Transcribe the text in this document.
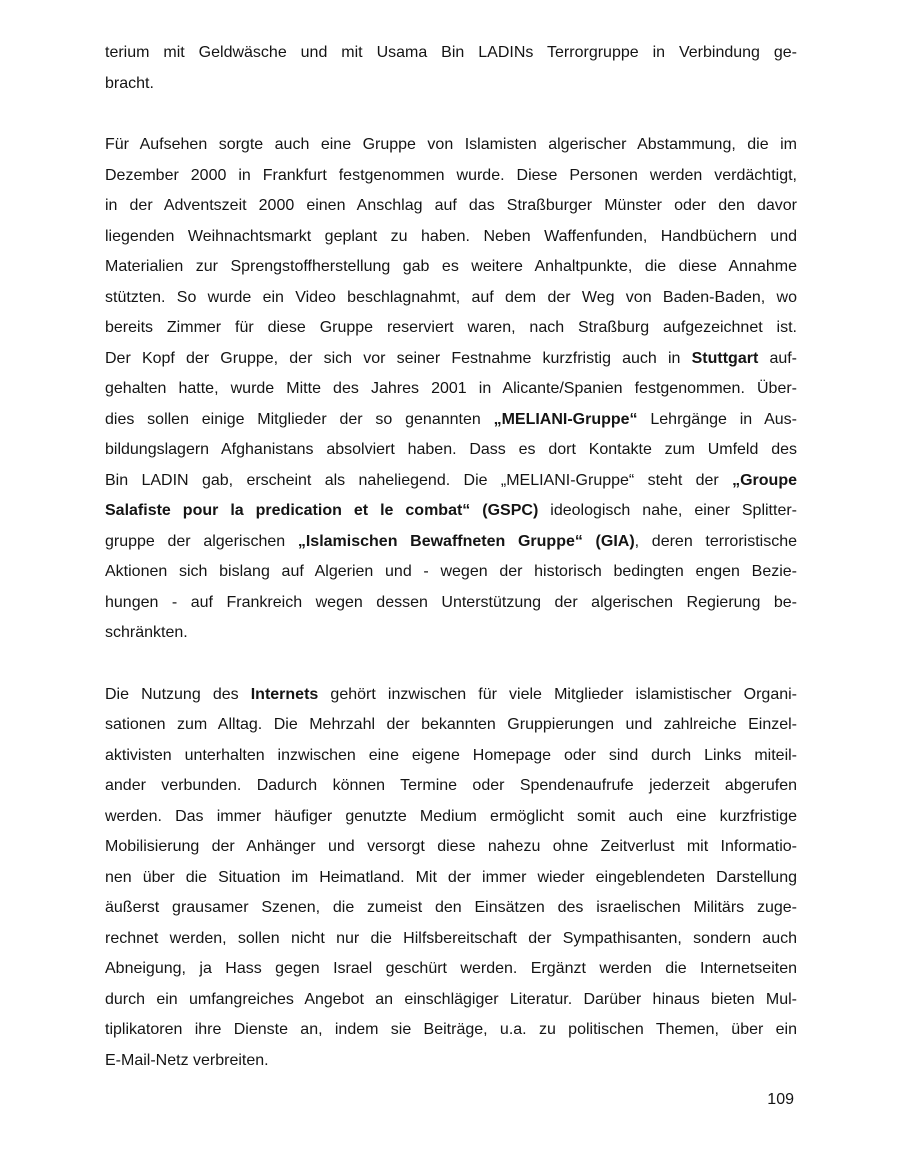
terium mit Geldwäsche und mit Usama Bin LADINs Terrorgruppe in Verbindung ge-
bracht.
Für Aufsehen sorgte auch eine Gruppe von Islamisten algerischer Abstammung, die im
Dezember 2000 in Frankfurt festgenommen wurde. Diese Personen werden verdächtigt,
in der Adventszeit 2000 einen Anschlag auf das Straßburger Münster oder den davor
liegenden Weihnachtsmarkt geplant zu haben. Neben Waffenfunden, Handbüchern und
Materialien zur Sprengstoffherstellung gab es weitere Anhaltpunkte, die diese Annahme
stützten. So wurde ein Video beschlagnahmt, auf dem der Weg von Baden-Baden, wo
bereits Zimmer für diese Gruppe reserviert waren, nach Straßburg aufgezeichnet ist.
Der Kopf der Gruppe, der sich vor seiner Festnahme kurzfristig auch in Stuttgart auf-
gehalten hatte, wurde Mitte des Jahres 2001 in Alicante/Spanien festgenommen. Über-
dies sollen einige Mitglieder der so genannten „MELIANI-Gruppe“ Lehrgänge in Aus-
bildungslagern Afghanistans absolviert haben. Dass es dort Kontakte zum Umfeld des
Bin LADIN gab, erscheint als naheliegend. Die „MELIANI-Gruppe“ steht der „Groupe
Salafiste pour la predication et le combat“ (GSPC) ideologisch nahe, einer Splitter-
gruppe der algerischen „Islamischen Bewaffneten Gruppe“ (GIA), deren terroristische
Aktionen sich bislang auf Algerien und - wegen der historisch bedingten engen Bezie-
hungen - auf Frankreich wegen dessen Unterstützung der algerischen Regierung be-
schränkten.
Die Nutzung des Internets gehört inzwischen für viele Mitglieder islamistischer Organi-
sationen zum Alltag. Die Mehrzahl der bekannten Gruppierungen und zahlreiche Einzel-
aktivisten unterhalten inzwischen eine eigene Homepage oder sind durch Links miteil-
ander verbunden. Dadurch können Termine oder Spendenaufrufe jederzeit abgerufen
werden. Das immer häufiger genutzte Medium ermöglicht somit auch eine kurzfristige
Mobilisierung der Anhänger und versorgt diese nahezu ohne Zeitverlust mit Informatio-
nen über die Situation im Heimatland. Mit der immer wieder eingeblendeten Darstellung
äußerst grausamer Szenen, die zumeist den Einsätzen des israelischen Militärs zuge-
rechnet werden, sollen nicht nur die Hilfsbereitschaft der Sympathisanten, sondern auch
Abneigung, ja Hass gegen Israel geschürt werden. Ergänzt werden die Internetseiten
durch ein umfangreiches Angebot an einschlägiger Literatur. Darüber hinaus bieten Mul-
tiplikatoren ihre Dienste an, indem sie Beiträge, u.a. zu politischen Themen, über ein
E-Mail-Netz verbreiten.
109
